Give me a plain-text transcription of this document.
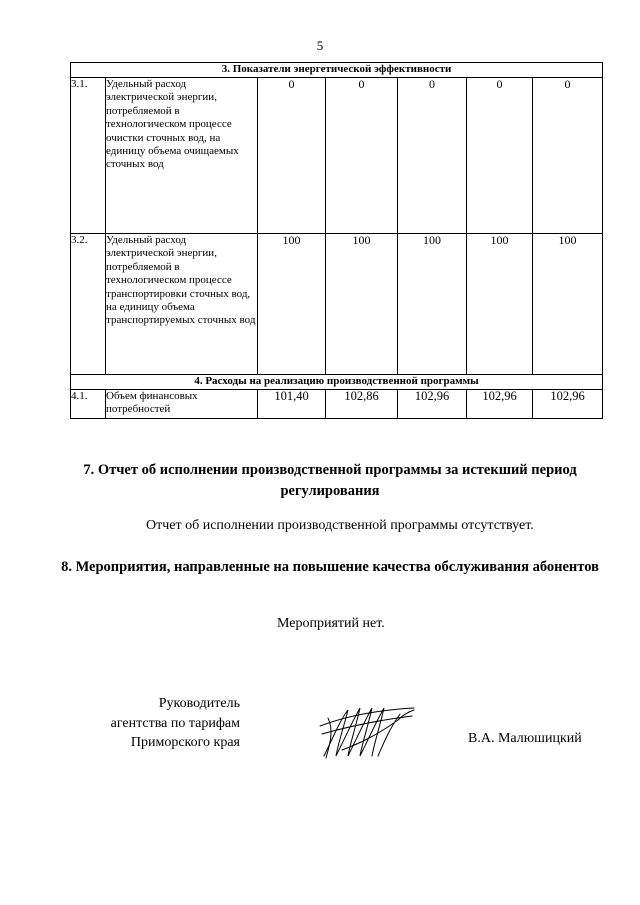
5
3. Показатели энергетической эффективности						
3.1.	Удельный расход электрической энергии, потребляемой в технологическом процессе очистки сточных вод, на единицу объема очищаемых сточных вод	0	0	0	0	0
3.2.	Удельный расход электрической энергии, потребляемой в технологическом процессе транспортировки сточных вод, на единицу объема транспортируемых сточных вод	100	100	100	100	100
4. Расходы на реализацию производственной программы						
4.1.	Объем финансовых потребностей	101,40	102,86	102,96	102,96	102,96
7. Отчет об исполнении производственной программы за истекший период регулирования
Отчет об исполнении производственной программы отсутствует.
8. Мероприятия, направленные на повышение качества обслуживания абонентов
Мероприятий нет.
Руководитель
агентства по тарифам
Приморского края	В.А. Малюшицкий
